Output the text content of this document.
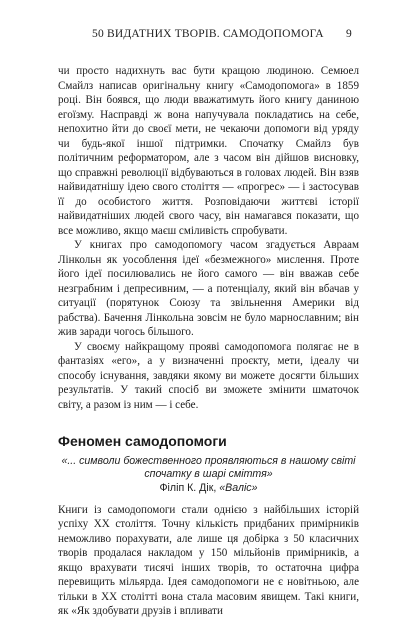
50 ВИДАТНИХ ТВОРІВ. САМОДОПОМОГА 9

чи просто надихнуть вас бути кращою людиною. Семюел Смайлз написав оригінальну книгу «Самодопомога» в 1859 році. Він боявся, що люди вважатимуть його книгу даниною егоїзму. Насправді ж вона напучувала покладатись на себе, непохитно йти до своєї мети, не чекаючи допомоги від уряду чи будь-якої іншої підтримки. Спочатку Смайлз був політичним реформатором, але з часом він дійшов висновку, що справжні революції відбуваються в головах людей. Він взяв найвидатнішу ідею свого століття — «прогрес» — і застосував її до особистого життя. Розповідаючи життєві історії найвидатніших людей свого часу, він намагався показати, що все можливо, якщо маєш сміливість спробувати.

У книгах про самодопомогу часом згадується Авраам Лінкольн як уособлення ідеї «безмежного» мислення. Проте його ідеї посилювались не його самого — він вважав себе незграбним і депресивним, — а потенціалу, який він вбачав у ситуації (порятунок Союзу та звільнення Америки від рабства). Бачення Лінкольна зовсім не було марнославним; він жив заради чогось більшого.

У своєму найкращому прояві самодопомога полягає не в фантазіях «его», а у визначенні проєкту, мети, ідеалу чи способу існування, завдяки якому ви можете досягти більших результатів. У такий спосіб ви зможете змінити шматочок світу, а разом із ним — і себе.

Феномен самодопомоги
«... символи божественного проявляються в нашому світі спочатку в шарі сміття»
Філіп К. Дік, «Валіс»

Книги із самодопомоги стали однією з найбільших історій успіху XX століття. Точну кількість придбаних примірників неможливо порахувати, але лише ця добірка з 50 класичних творів продалася накладом у 150 мільйонів примірників, а якщо врахувати тисячі інших творів, то остаточна цифра перевищить мільярда. Ідея самодопомоги не є новітньою, але тільки в XX столітті вона стала масовим явищем. Такі книги, як «Як здобувати друзів і впливати
